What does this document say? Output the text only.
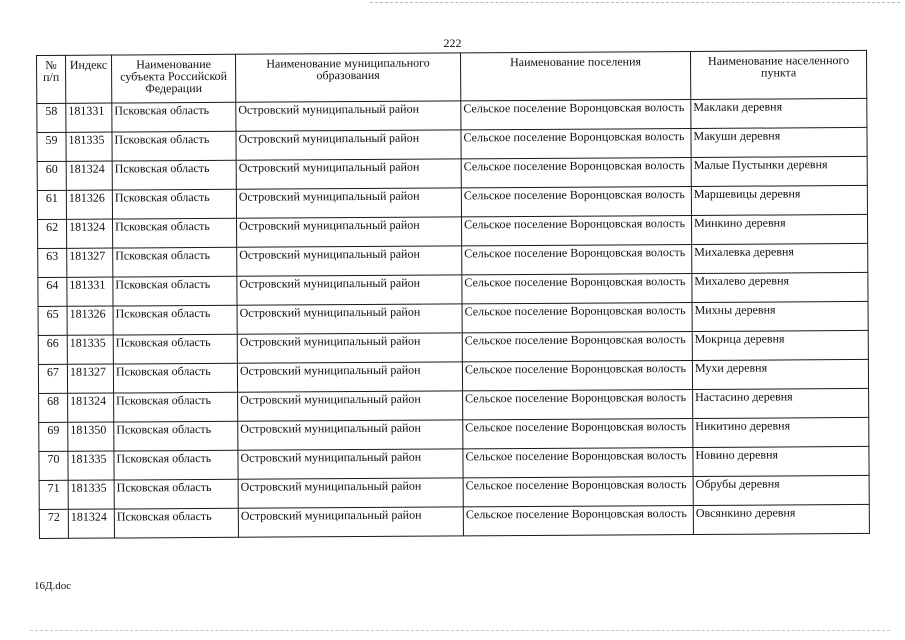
222
№ п/п	Индекс	Наименование субъекта Российской Федерации	Наименование муниципального образования	Наименование поселения	Наименование населенного пункта
58	181331	Псковская область	Островский муниципальный район	Сельское поселение Воронцовская волость	Маклаки деревня
59	181335	Псковская область	Островский муниципальный район	Сельское поселение Воронцовская волость	Макуши деревня
60	181324	Псковская область	Островский муниципальный район	Сельское поселение Воронцовская волость	Малые Пустынки деревня
61	181326	Псковская область	Островский муниципальный район	Сельское поселение Воронцовская волость	Маршевицы деревня
62	181324	Псковская область	Островский муниципальный район	Сельское поселение Воронцовская волость	Минкино деревня
63	181327	Псковская область	Островский муниципальный район	Сельское поселение Воронцовская волость	Михалевка деревня
64	181331	Псковская область	Островский муниципальный район	Сельское поселение Воронцовская волость	Михалево деревня
65	181326	Псковская область	Островский муниципальный район	Сельское поселение Воронцовская волость	Михны деревня
66	181335	Псковская область	Островский муниципальный район	Сельское поселение Воронцовская волость	Мокрица деревня
67	181327	Псковская область	Островский муниципальный район	Сельское поселение Воронцовская волость	Мухи деревня
68	181324	Псковская область	Островский муниципальный район	Сельское поселение Воронцовская волость	Настасино деревня
69	181350	Псковская область	Островский муниципальный район	Сельское поселение Воронцовская волость	Никитино деревня
70	181335	Псковская область	Островский муниципальный район	Сельское поселение Воронцовская волость	Новино деревня
71	181335	Псковская область	Островский муниципальный район	Сельское поселение Воронцовская волость	Обрубы деревня
72	181324	Псковская область	Островский муниципальный район	Сельское поселение Воронцовская волость	Овсянкино деревня
16Д.doc
